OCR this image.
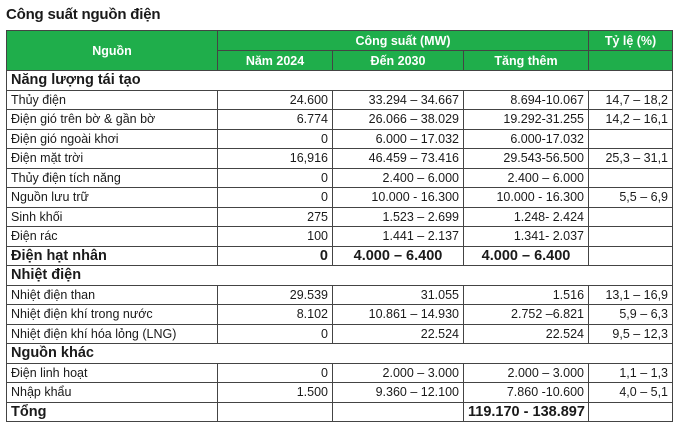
Công suất nguồn điện
Nguồn	Công suất (MW)			Tỷ lệ (%)
	Năm 2024	Đến 2030	Tăng thêm	
Năng lượng tái tạo				
Thủy điện	24.600	33.294 – 34.667	8.694-10.067	14,7 – 18,2
Điện gió trên bờ & gần bờ	6.774	26.066 – 38.029	19.292-31.255	14,2 – 16,1
Điện gió ngoài khơi	0	6.000 – 17.032	6.000-17.032	
Điện mặt trời	16,916	46.459 – 73.416	29.543-56.500	25,3 – 31,1
Thủy điện tích năng	0	2.400 – 6.000	2.400 – 6.000	
Nguồn lưu trữ	0	10.000 - 16.300	10.000 - 16.300	5,5 – 6,9
Sinh khối	275	1.523 – 2.699	1.248- 2.424	
Điện rác	100	1.441 – 2.137	1.341- 2.037	
Điện hạt nhân	0	4.000 – 6.400	4.000 – 6.400	
Nhiệt điện				
Nhiệt điện than	29.539	31.055	1.516	13,1 – 16,9
Nhiệt điện khí trong nước	8.102	10.861 – 14.930	2.752 –6.821	5,9 – 6,3
Nhiệt điện khí hóa lỏng (LNG)	0	22.524	22.524	9,5 – 12,3
Nguồn khác				
Điện linh hoạt	0	2.000 – 3.000	2.000 – 3.000	1,1 – 1,3
Nhập khẩu	1.500	9.360 – 12.100	7.860 -10.600	4,0 – 5,1
Tổng			119.170 - 138.897	
